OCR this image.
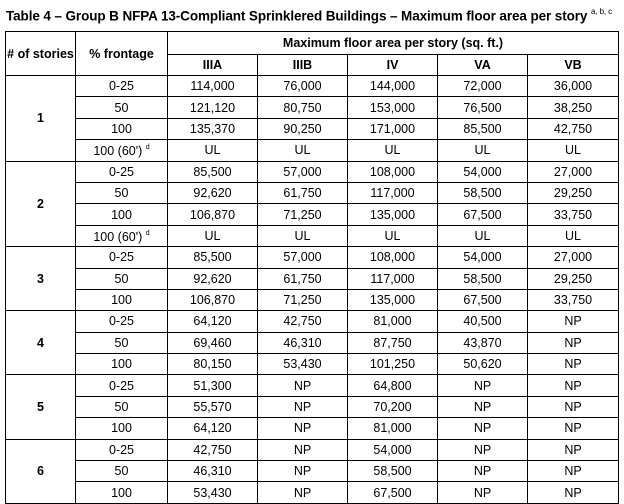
Table 4 – Group B NFPA 13-Compliant Sprinklered Buildings – Maximum floor area per story $^{a, b, c}$
# of stories	% frontage	Maximum floor area per story (sq. ft.)				
		IIIA	IIIB	IV	VA	VB
1	0-25	114,000	76,000	144,000	72,000	36,000
	50	121,120	80,750	153,000	76,500	38,250
	100	135,370	90,250	171,000	85,500	42,750
	100 (60') $^d$	UL	UL	UL	UL	UL
2	0-25	85,500	57,000	108,000	54,000	27,000
	50	92,620	61,750	117,000	58,500	29,250
	100	106,870	71,250	135,000	67,500	33,750
	100 (60') $^d$	UL	UL	UL	UL	UL
3	0-25	85,500	57,000	108,000	54,000	27,000
	50	92,620	61,750	117,000	58,500	29,250
	100	106,870	71,250	135,000	67,500	33,750
4	0-25	64,120	42,750	81,000	40,500	NP
	50	69,460	46,310	87,750	43,870	NP
	100	80,150	53,430	101,250	50,620	NP
5	0-25	51,300	NP	64,800	NP	NP
	50	55,570	NP	70,200	NP	NP
	100	64,120	NP	81,000	NP	NP
6	0-25	42,750	NP	54,000	NP	NP
	50	46,310	NP	58,500	NP	NP
	100	53,430	NP	67,500	NP	NP
